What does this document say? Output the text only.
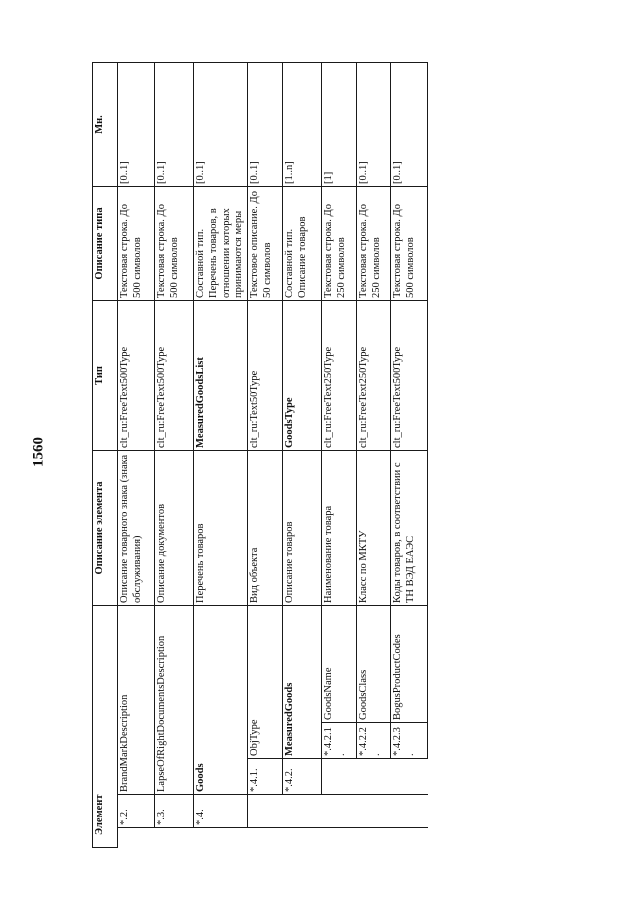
1560
Элемент					Описание элемента	Тип	Описание типа	Мн.
	*.2.	BrandMarkDescription			Описание товарного знака (знака обслуживания)	clt_ru:FreeText500Type	Текстовая строка. До 500 символов	[0..1]
	*.3.	LapseOfRightDocumentsDescription			Описание документов	clt_ru:FreeText500Type	Текстовая строка. До 500 символов	[0..1]
	*.4.	Goods			Перечень товаров	MeasuredGoodsList	Составной тип. Перечень товаров, в отношении которых принимаются меры	[0..1]
		*.4.1.	ObjType		Вид объекта	clt_ru:Text50Type	Текстовое описание. До 50 символов	[0..1]
		*.4.2.	MeasuredGoods		Описание товаров	GoodsType	Составной тип. Описание товаров	[1..n]
			*.4.2.1.	GoodsName	Наименование товара	clt_ru:FreeText250Type	Текстовая строка. До 250 символов	[1]
			*.4.2.2.	GoodsClass	Класс по МКТУ	clt_ru:FreeText250Type	Текстовая строка. До 250 символов	[0..1]
			*.4.2.3.	BogusProductCodes	Коды товаров, в соответствии с ТН ВЭД ЕАЭС	clt_ru:FreeText500Type	Текстовая строка. До 500 символов	[0..1]
